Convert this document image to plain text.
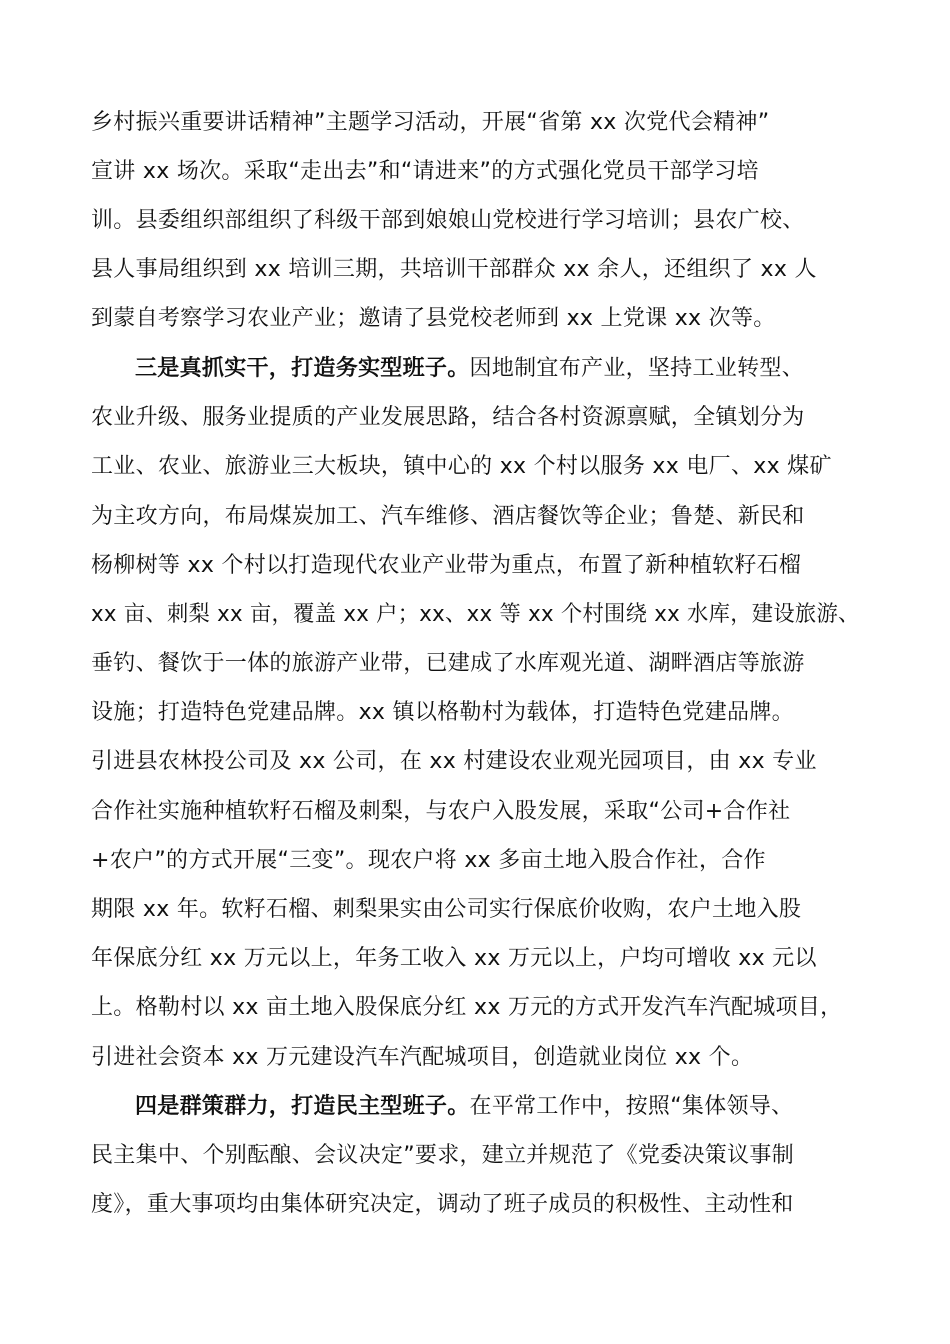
乡村振兴重要讲话精神”主题学习活动，开展“省第 xx 次党代会精神”
宣讲 xx 场次。采取“走出去”和“请进来”的方式强化党员干部学习培
训。县委组织部组织了科级干部到娘娘山党校进行学习培训；县农广校、
县人事局组织到 xx 培训三期，共培训干部群众 xx 余人，还组织了 xx 人
到蒙自考察学习农业产业；邀请了县党校老师到 xx 上党课 xx 次等。
三是真抓实干，打造务实型班子。因地制宜布产业，坚持工业转型、
农业升级、服务业提质的产业发展思路，结合各村资源禀赋，全镇划分为
工业、农业、旅游业三大板块，镇中心的 xx 个村以服务 xx 电厂、xx 煤矿
为主攻方向，布局煤炭加工、汽车维修、酒店餐饮等企业；鲁楚、新民和
杨柳树等 xx 个村以打造现代农业产业带为重点，布置了新种植软籽石榴
xx 亩、刺梨 xx 亩，覆盖 xx 户；xx、xx 等 xx 个村围绕 xx 水库，建设旅游、
垂钓、餐饮于一体的旅游产业带，已建成了水库观光道、湖畔酒店等旅游
设施；打造特色党建品牌。xx 镇以格勒村为载体，打造特色党建品牌。
引进县农林投公司及 xx 公司，在 xx 村建设农业观光园项目，由 xx 专业
合作社实施种植软籽石榴及刺梨，与农户入股发展，采取“公司+合作社
+农户”的方式开展“三变”。现农户将 xx 多亩土地入股合作社，合作
期限 xx 年。软籽石榴、刺梨果实由公司实行保底价收购，农户土地入股
年保底分红 xx 万元以上，年务工收入 xx 万元以上，户均可增收 xx 元以
上。格勒村以 xx 亩土地入股保底分红 xx 万元的方式开发汽车汽配城项目，
引进社会资本 xx 万元建设汽车汽配城项目，创造就业岗位 xx 个。
四是群策群力，打造民主型班子。在平常工作中，按照“集体领导、
民主集中、个别酝酿、会议决定”要求，建立并规范了《党委决策议事制
度》，重大事项均由集体研究决定，调动了班子成员的积极性、主动性和
